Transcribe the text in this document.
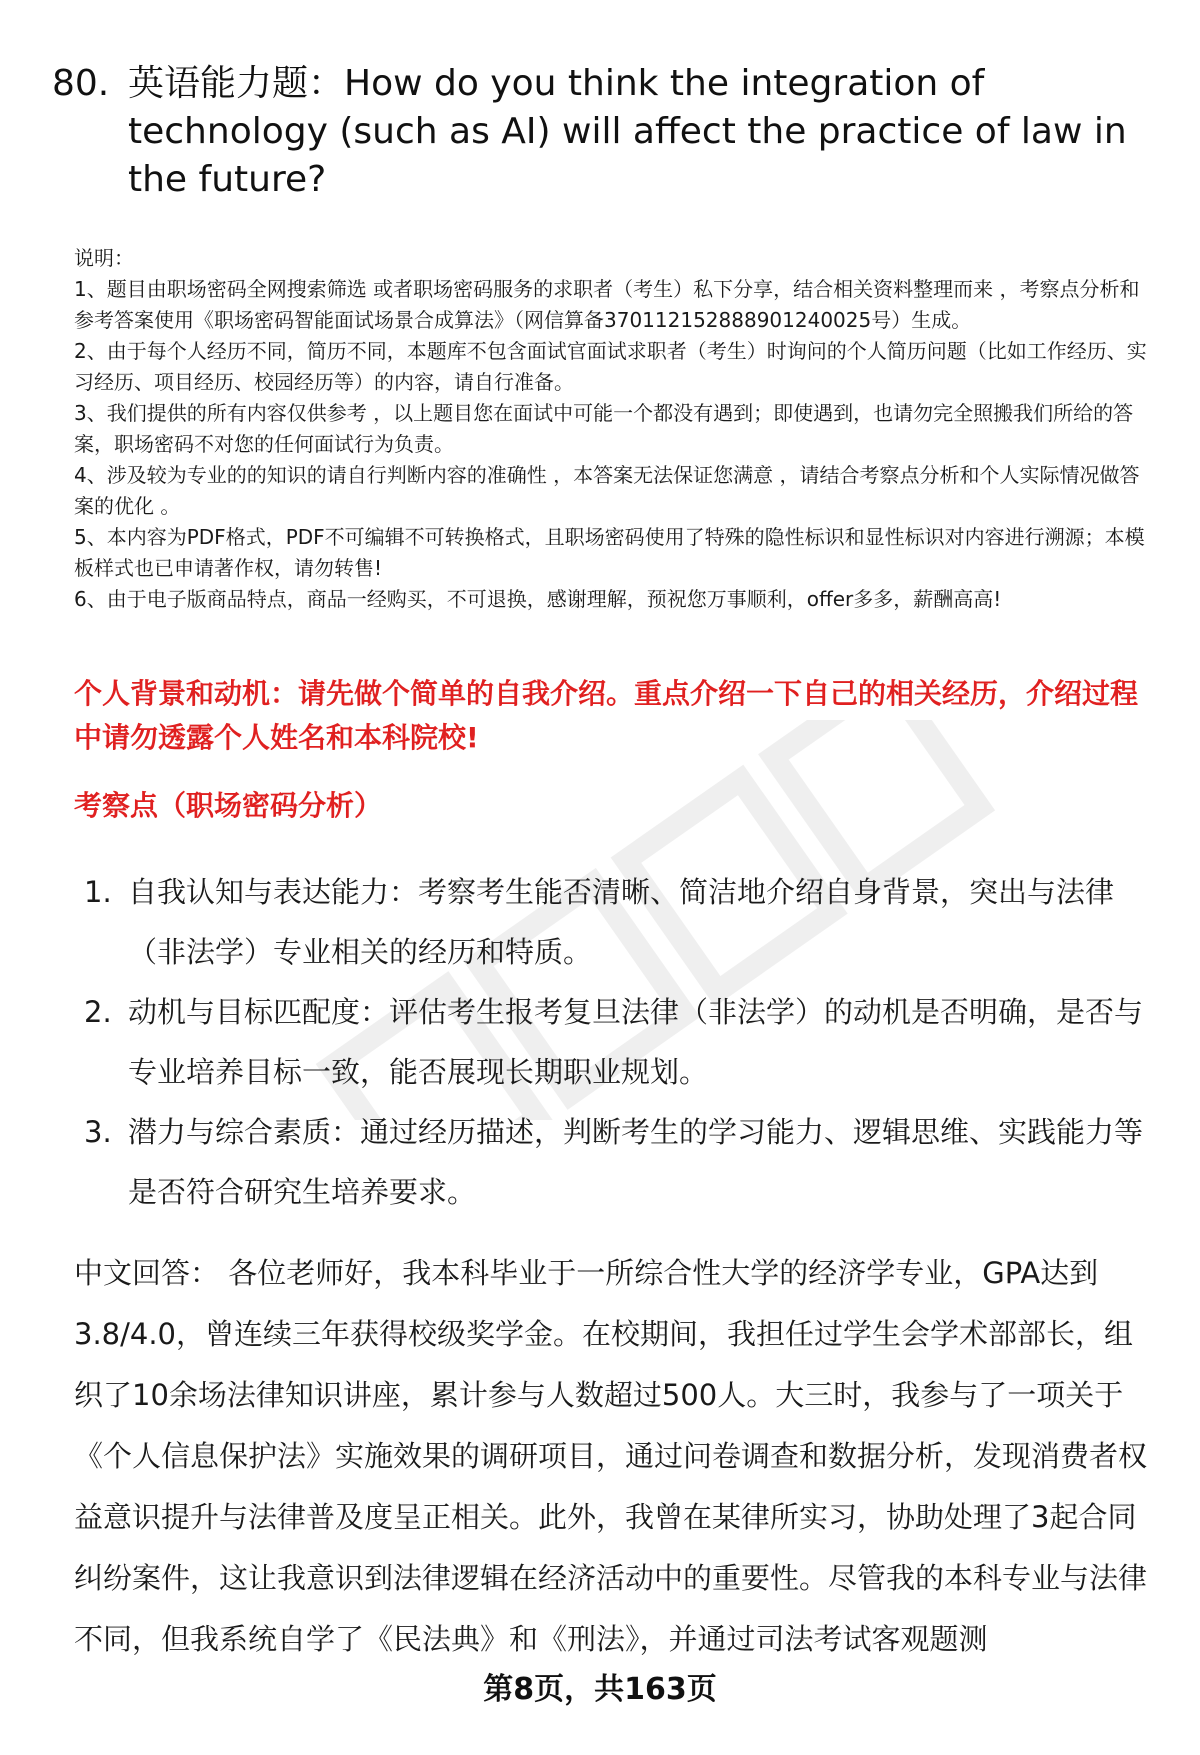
80. 英语能力题：How do you think the integration of technology (such as AI) will affect the practice of law in the future?
说明：
1、题目由职场密码全网搜索筛选 或者职场密码服务的求职者（考生）私下分享，结合相关资料整理而来 ，考察点分析和参考答案使用《职场密码智能面试场景合成算法》（网信算备370112152888901240025号）生成。
2、由于每个人经历不同，简历不同，本题库不包含面试官面试求职者（考生）时询问的个人简历问题（比如工作经历、实习经历、项目经历、校园经历等）的内容，请自行准备。
3、我们提供的所有内容仅供参考 ，以上题目您在面试中可能一个都没有遇到；即使遇到，也请勿完全照搬我们所给的答案，职场密码不对您的任何面试行为负责。
4、涉及较为专业的的知识的请自行判断内容的准确性 ，本答案无法保证您满意 ，请结合考察点分析和个人实际情况做答案的优化 。
5、本内容为PDF格式，PDF不可编辑不可转换格式，且职场密码使用了特殊的隐性标识和显性标识对内容进行溯源；本模板样式也已申请著作权，请勿转售!
6、由于电子版商品特点，商品一经购买，不可退换，感谢理解，预祝您万事顺利，offer多多，薪酬高高!
个人背景和动机：请先做个简单的自我介绍。重点介绍一下自己的相关经历，介绍过程中请勿透露个人姓名和本科院校!
考察点（职场密码分析）
1. 自我认知与表达能力：考察考生能否清晰、简洁地介绍自身背景，突出与法律（非法学）专业相关的经历和特质。
2. 动机与目标匹配度：评估考生报考复旦法律（非法学）的动机是否明确，是否与专业培养目标一致，能否展现长期职业规划。
3. 潜力与综合素质：通过经历描述，判断考生的学习能力、逻辑思维、实践能力等是否符合研究生培养要求。
中文回答： 各位老师好，我本科毕业于一所综合性大学的经济学专业，GPA达到3.8/4.0，曾连续三年获得校级奖学金。在校期间，我担任过学生会学术部部长，组织了10余场法律知识讲座，累计参与人数超过500人。大三时，我参与了一项关于《个人信息保护法》实施效果的调研项目，通过问卷调查和数据分析，发现消费者权益意识提升与法律普及度呈正相关。此外，我曾在某律所实习，协助处理了3起合同纠纷案件，这让我意识到法律逻辑在经济活动中的重要性。尽管我的本科专业与法律不同，但我系统自学了《民法典》和《刑法》，并通过司法考试客观题测
第8页，共163页
